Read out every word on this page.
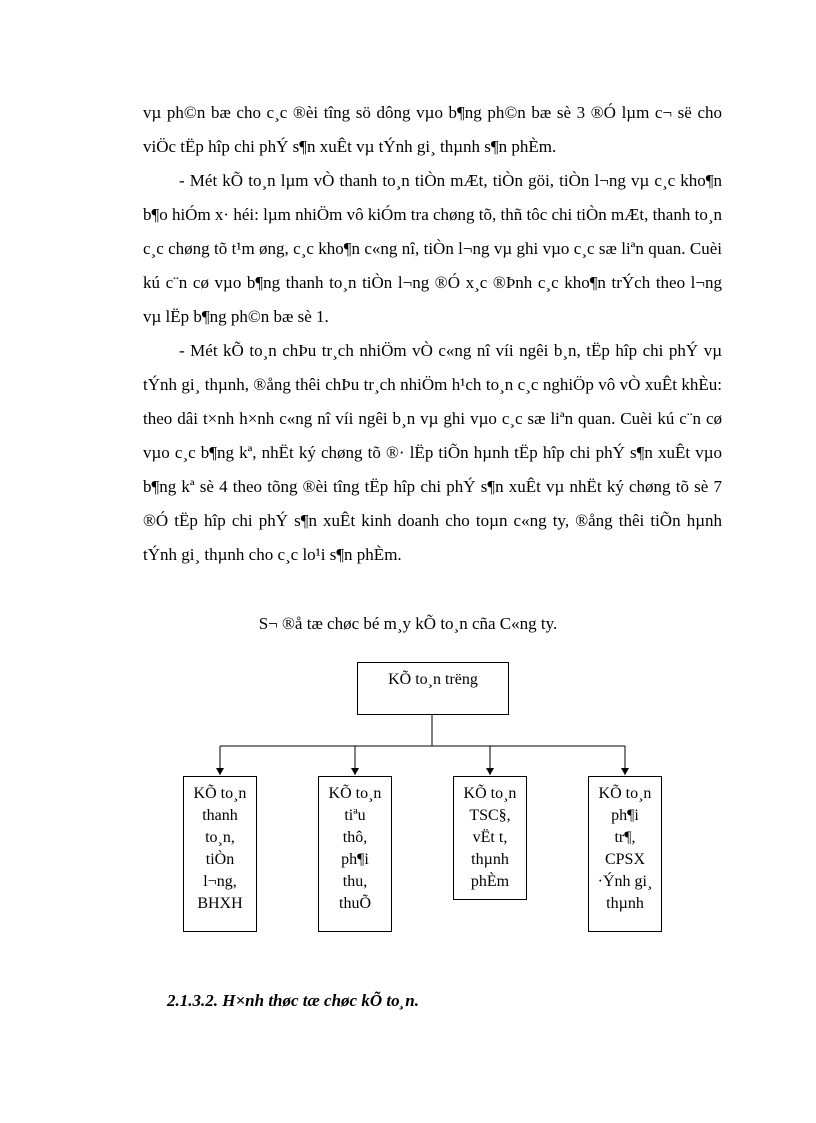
vµ ph©n bæ cho c¸c ®èi tîng sö dông vµo b¶ng ph©n bæ sè 3 ®Ó lµm c¬ së cho viÖc tËp hîp chi phÝ s¶n xuÊt vµ tÝnh gi¸ thµnh s¶n phÈm.

- Mét kÕ to¸n lµm vÒ thanh to¸n tiÒn mÆt, tiÒn göi, tiÒn l¬ng vµ c¸c kho¶n b¶o hiÓm x· héi: lµm nhiÖm vô kiÓm tra chøng tõ, thñ tôc chi tiÒn mÆt, thanh to¸n c¸c chøng tõ t¹m øng, c¸c kho¶n c«ng nî, tiÒn l¬ng vµ ghi vµo c¸c sæ liªn quan. Cuèi kú c¨n cø vµo b¶ng thanh to¸n tiÒn l¬ng ®Ó x¸c ®Þnh c¸c kho¶n trÝch theo l¬ng vµ lËp b¶ng ph©n bæ sè 1.

- Mét kÕ to¸n chÞu tr¸ch nhiÖm vÒ c«ng nî víi ngêi b¸n, tËp hîp chi phÝ vµ tÝnh gi¸ thµnh, ®ång thêi chÞu tr¸ch nhiÖm h¹ch to¸n c¸c nghiÖp vô vÒ xuÊt khÈu: theo dâi t×nh h×nh c«ng nî víi ngêi b¸n vµ ghi vµo c¸c sæ liªn quan. Cuèi kú c¨n cø vµo c¸c b¶ng kª, nhËt ký chøng tõ ®· lËp tiÕn hµnh tËp hîp chi phÝ s¶n xuÊt vµo b¶ng kª sè 4 theo tõng ®èi tîng tËp hîp chi phÝ s¶n xuÊt vµ nhËt ký chøng tõ sè 7 ®Ó tËp hîp chi phÝ s¶n xuÊt kinh doanh cho toµn c«ng ty, ®ång thêi tiÕn hµnh tÝnh gi¸ thµnh cho c¸c lo¹i s¶n phÈm.

S¬ ®å tæ chøc bé m¸y kÕ to¸n cña C«ng ty.
KÕ to¸n trëng
KÕ to¸n
thanh
to¸n,
tiÒn
l¬ng,
BHXH
KÕ to¸n
tiªu
thô,
ph¶i
thu,
thuÕ
KÕ to¸n
TSC§,
vËt t,
thµnh
phÈm
KÕ to¸n
ph¶i
tr¶,
CPSX
·Ýnh gi¸
thµnh
2.1.3.2. H×nh thøc tæ chøc kÕ to¸n.
